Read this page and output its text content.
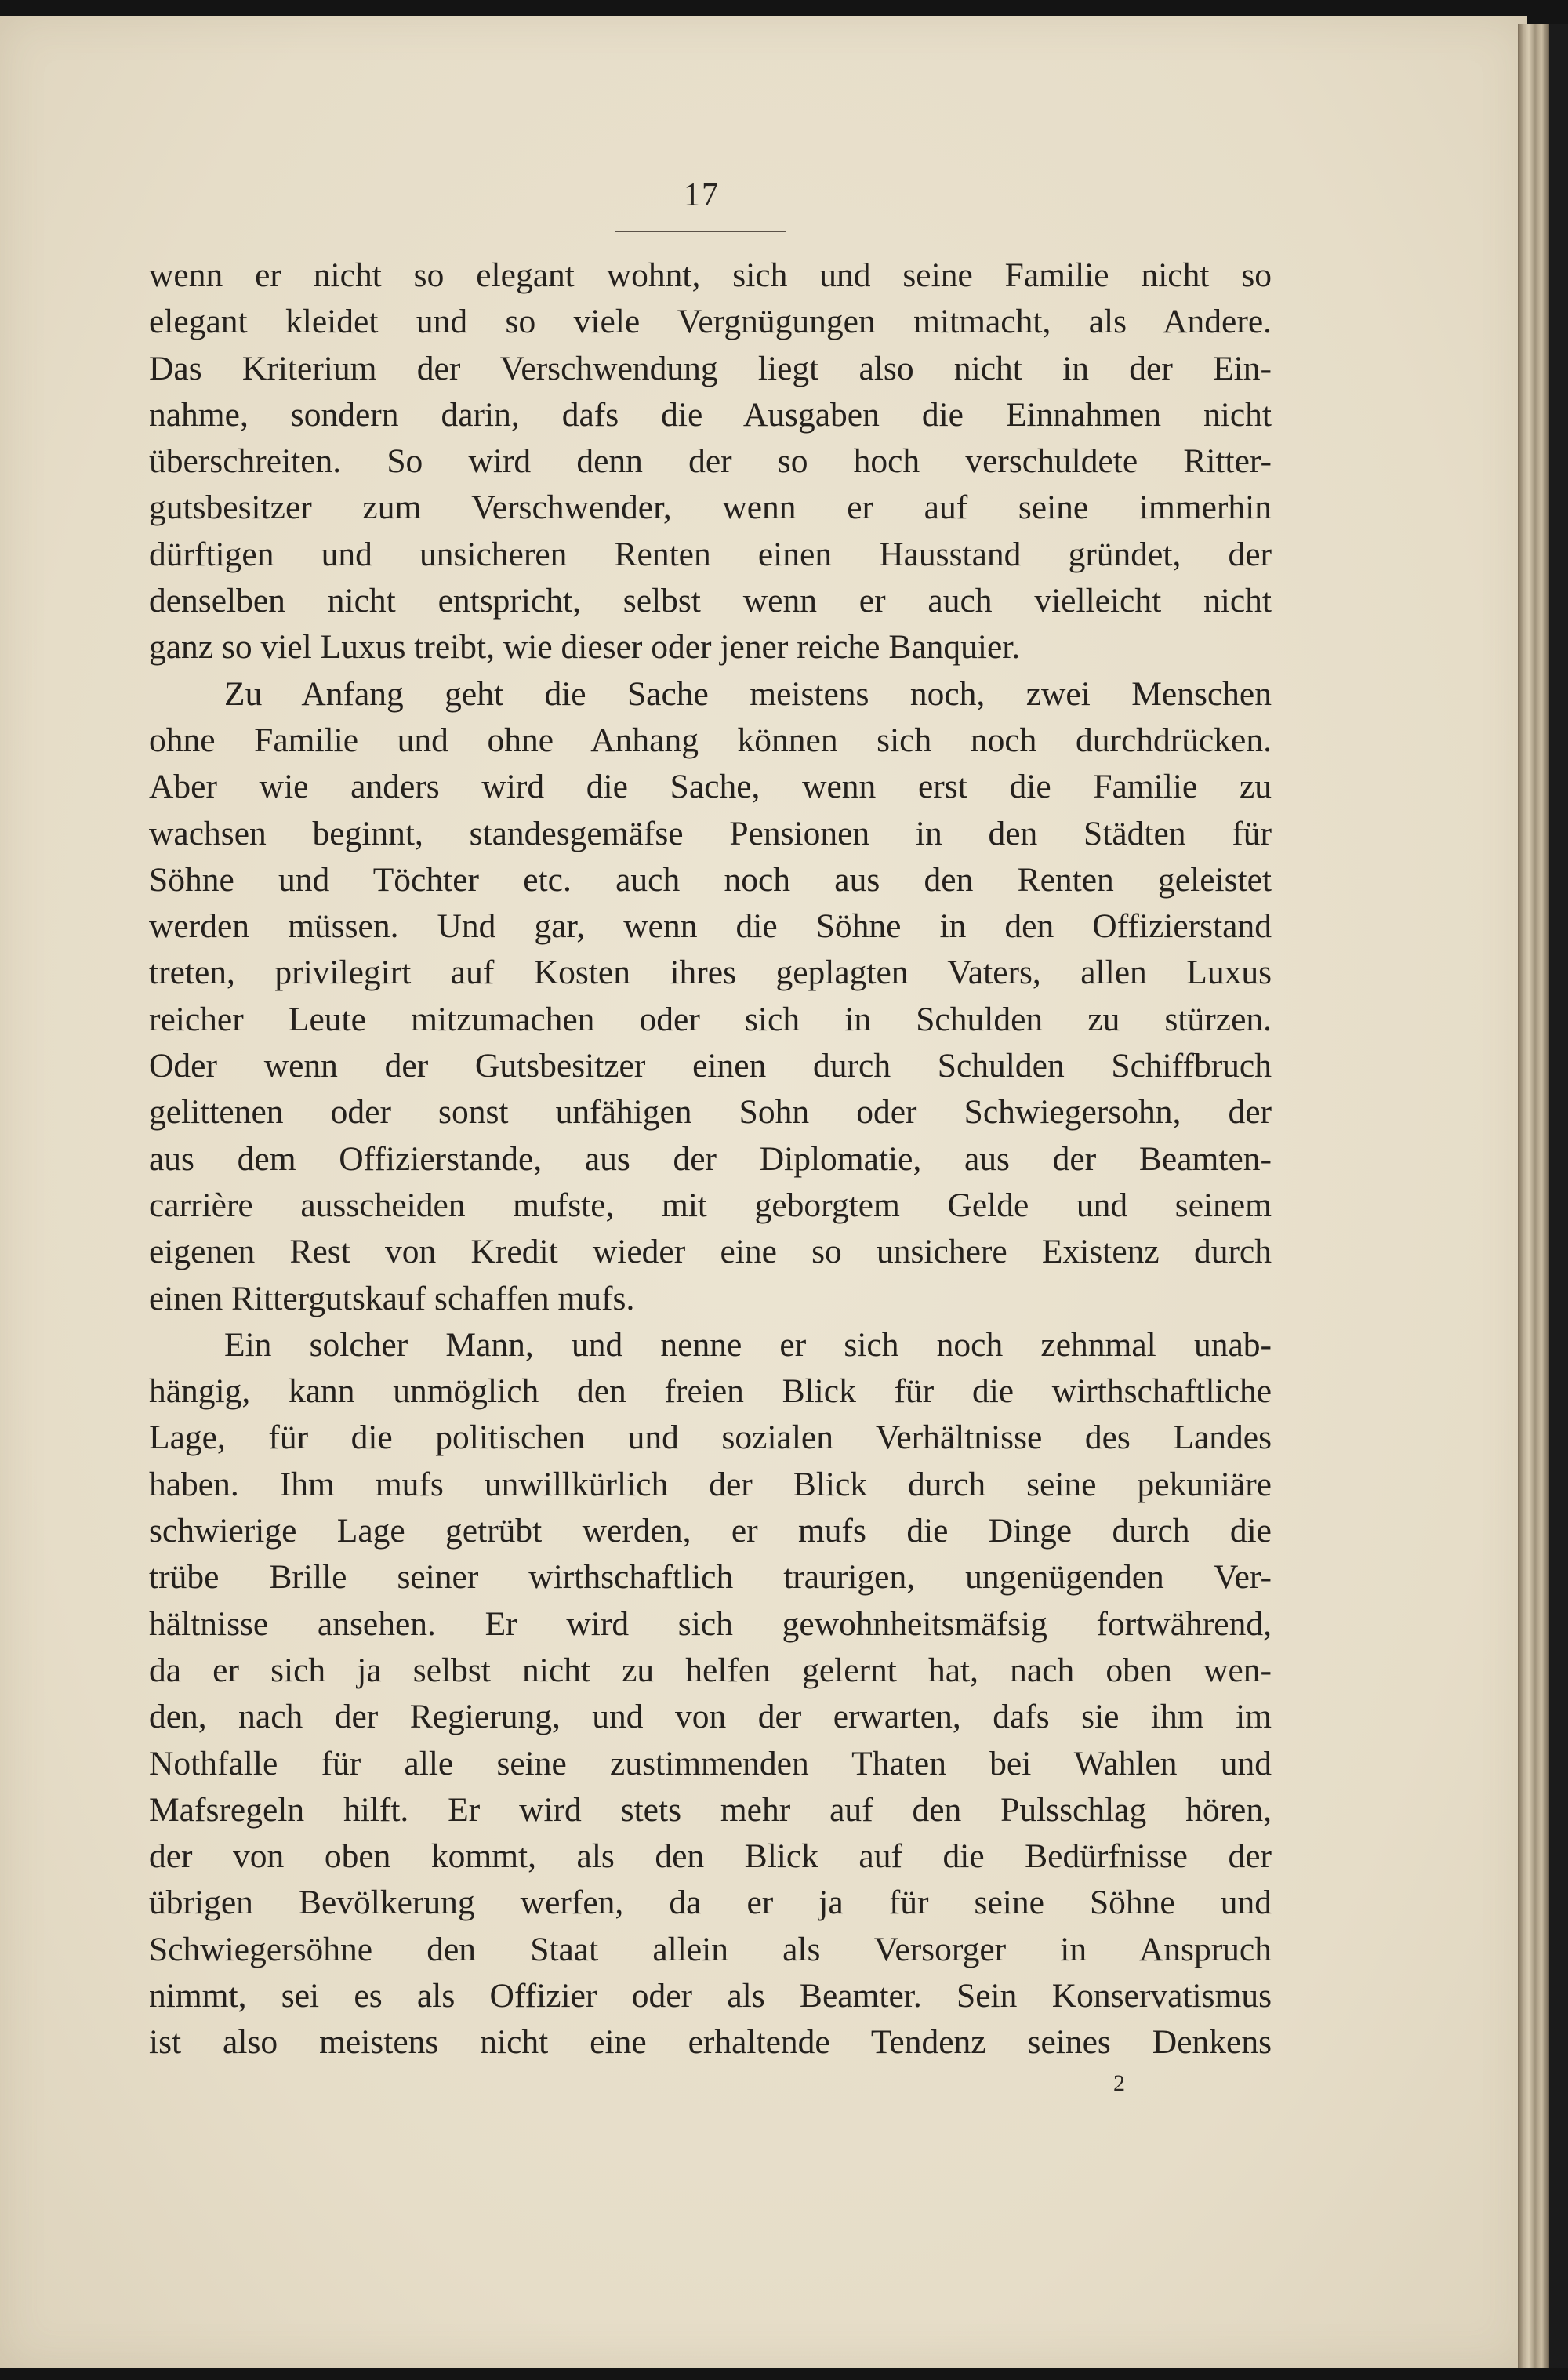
17
wenn er nicht so elegant wohnt, sich und seine Familie nicht so
elegant kleidet und so viele Vergnügungen mitmacht, als Andere.
Das Kriterium der Verschwendung liegt also nicht in der Ein-
nahme, sondern darin, dafs die Ausgaben die Einnahmen nicht
überschreiten. So wird denn der so hoch verschuldete Ritter-
gutsbesitzer zum Verschwender, wenn er auf seine immerhin
dürftigen und unsicheren Renten einen Hausstand gründet, der
denselben nicht entspricht, selbst wenn er auch vielleicht nicht
ganz so viel Luxus treibt, wie dieser oder jener reiche Banquier.
Zu Anfang geht die Sache meistens noch, zwei Menschen
ohne Familie und ohne Anhang können sich noch durchdrücken.
Aber wie anders wird die Sache, wenn erst die Familie zu
wachsen beginnt, standesgemäfse Pensionen in den Städten für
Söhne und Töchter etc. auch noch aus den Renten geleistet
werden müssen. Und gar, wenn die Söhne in den Offizierstand
treten, privilegirt auf Kosten ihres geplagten Vaters, allen Luxus
reicher Leute mitzumachen oder sich in Schulden zu stürzen.
Oder wenn der Gutsbesitzer einen durch Schulden Schiffbruch
gelittenen oder sonst unfähigen Sohn oder Schwiegersohn, der
aus dem Offizierstande, aus der Diplomatie, aus der Beamten-
carrière ausscheiden mufste, mit geborgtem Gelde und seinem
eigenen Rest von Kredit wieder eine so unsichere Existenz durch
einen Rittergutskauf schaffen mufs.
Ein solcher Mann, und nenne er sich noch zehnmal unab-
hängig, kann unmöglich den freien Blick für die wirthschaftliche
Lage, für die politischen und sozialen Verhältnisse des Landes
haben. Ihm mufs unwillkürlich der Blick durch seine pekuniäre
schwierige Lage getrübt werden, er mufs die Dinge durch die
trübe Brille seiner wirthschaftlich traurigen, ungenügenden Ver-
hältnisse ansehen. Er wird sich gewohnheitsmäfsig fortwährend,
da er sich ja selbst nicht zu helfen gelernt hat, nach oben wen-
den, nach der Regierung, und von der erwarten, dafs sie ihm im
Nothfalle für alle seine zustimmenden Thaten bei Wahlen und
Mafsregeln hilft. Er wird stets mehr auf den Pulsschlag hören,
der von oben kommt, als den Blick auf die Bedürfnisse der
übrigen Bevölkerung werfen, da er ja für seine Söhne und
Schwiegersöhne den Staat allein als Versorger in Anspruch
nimmt, sei es als Offizier oder als Beamter. Sein Konservatismus
ist also meistens nicht eine erhaltende Tendenz seines Denkens
2
